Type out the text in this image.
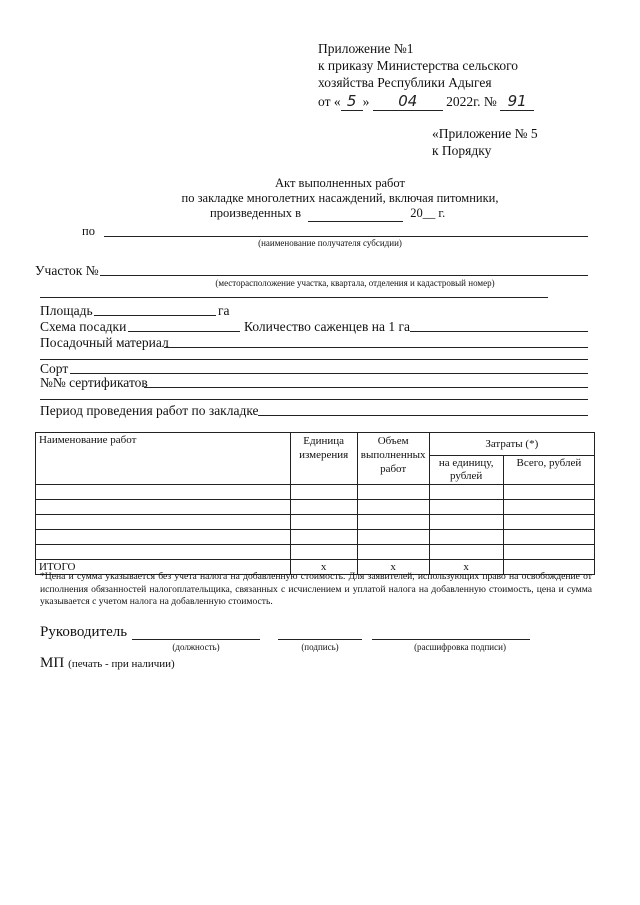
Приложение №1
к приказу Министерства сельского
хозяйства Республики Адыгея
от « 5 » 04 2022г. № 91
«Приложение № 5
к Порядку
Акт выполненных работ
по закладке многолетних насаждений, включая питомники,
произведенных в	20__ г.
по
(наименование получателя субсидии)
Участок №
(месторасположение участка, квартала, отделения и кадастровый номер)
Площадь	га
Схема посадки	Количество саженцев на 1 га
Посадочный материал
Сорт
№№ сертификатов
Период проведения работ по закладке
Наименование работ	Единица измерения	Объем выполненных работ	Затраты (*)	
			на единицу, рублей	Всего, рублей

ИТОГО	x	x	x	
*Цена и сумма указывается без учета налога на добавленную стоимость. Для заявителей, использующих право на освобождение от исполнения обязанностей налогоплательщика, связанных с исчислением и уплатой налога на добавленную стоимость, цена и сумма указывается с учетом налога на добавленную стоимость.
Руководитель
(должность)	(подпись)	(расшифровка подписи)
МП (печать - при наличии)
